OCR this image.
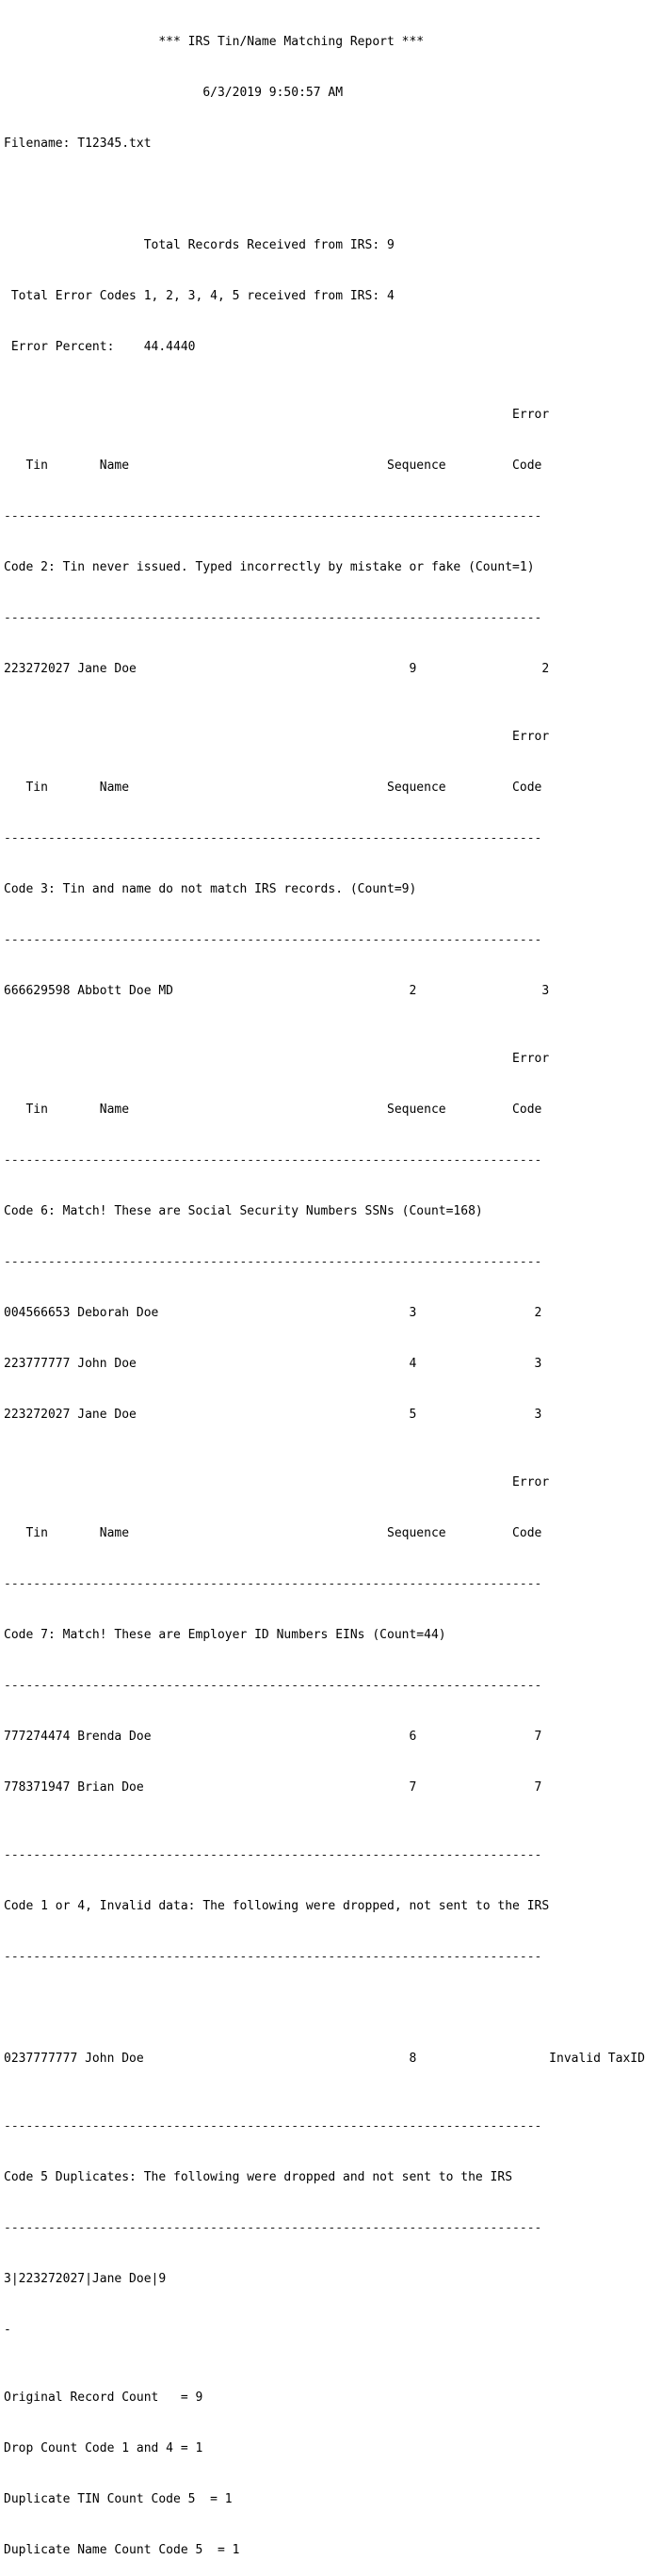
*** IRS Tin/Name Matching Report ***

6/3/2019 9:50:57 AM

Filename: T12345.txt

Total Records Received from IRS: 9

Total Error Codes 1, 2, 3, 4, 5 received from IRS: 4

Error Percent:    44.4440

Error

Tin       Name                                   Sequence         Code

-------------------------------------------------------------------------

Code 2: Tin never issued. Typed incorrectly by mistake or fake (Count=1)

-------------------------------------------------------------------------

223272027 Jane Doe                                     9                 2

Error

Tin       Name                                   Sequence         Code

-------------------------------------------------------------------------

Code 3: Tin and name do not match IRS records. (Count=9)

-------------------------------------------------------------------------

666629598 Abbott Doe MD                                2                 3

Error

Tin       Name                                   Sequence         Code

-------------------------------------------------------------------------

Code 6: Match! These are Social Security Numbers SSNs (Count=168)

-------------------------------------------------------------------------

004566653 Deborah Doe                                  3                2

223777777 John Doe                                     4                3

223272027 Jane Doe                                     5                3

Error

Tin       Name                                   Sequence         Code

-------------------------------------------------------------------------

Code 7: Match! These are Employer ID Numbers EINs (Count=44)

-------------------------------------------------------------------------

777274474 Brenda Doe                                   6                7

778371947 Brian Doe                                    7                7

-------------------------------------------------------------------------

Code 1 or 4, Invalid data: The following were dropped, not sent to the IRS

-------------------------------------------------------------------------

0237777777 John Doe                                    8                  Invalid TaxID

-------------------------------------------------------------------------

Code 5 Duplicates: The following were dropped and not sent to the IRS

-------------------------------------------------------------------------

3|223272027|Jane Doe|9

-

Original Record Count   = 9

Drop Count Code 1 and 4 = 1

Duplicate TIN Count Code 5  = 1

Duplicate Name Count Code 5  = 1
